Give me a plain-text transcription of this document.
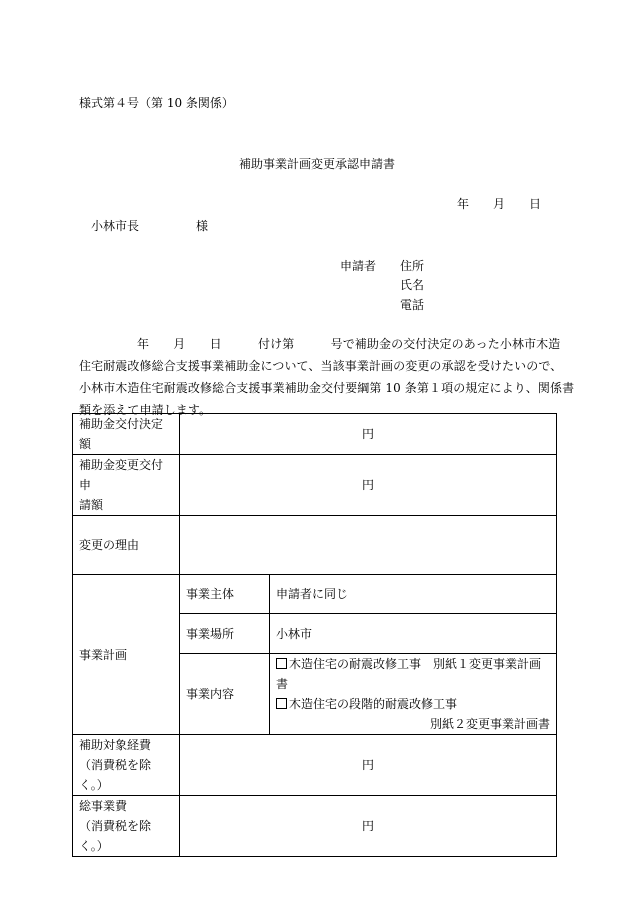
様式第４号（第 10 条関係）
補助事業計画変更承認申請書
年 月 日
小林市長	様
申請者 住所
氏名
電話
年　　月　　日　　　付け第　　　号で補助金の交付決定のあった小林市木造
住宅耐震改修総合支援事業補助金について、当該事業計画の変更の承認を受けたいので、
小林市木造住宅耐震改修総合支援事業補助金交付要綱第 10 条第１項の規定により、関係書
類を添えて申請します。
補助金交付決定額	円	
補助金変更交付申
請額	円	
変更の理由		
事業計画	事業主体	申請者に同じ
	事業場所	小林市
	事業内容	木造住宅の耐震改修工事　別紙１変更事業計画書
木造住宅の段階的耐震改修工事
別紙２変更事業計画書

補助対象経費
（消費税を除く。）	円	
総事業費
（消費税を除く。）	円	
